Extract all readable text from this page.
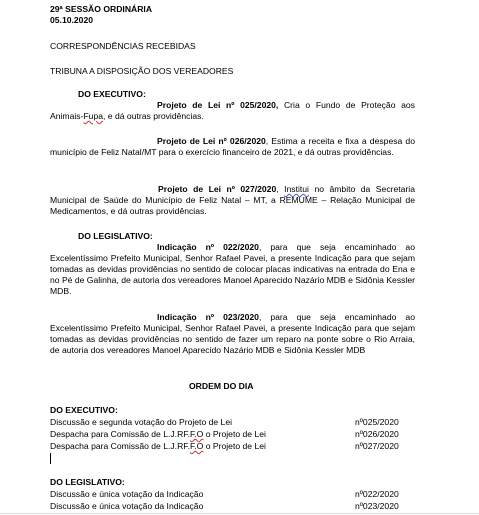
29ª SESSÃO ORDINÁRIA
05.10.2020
CORRESPONDÊNCIAS RECEBIDAS
TRIBUNA A DISPOSIÇÃO DOS VEREADORES
DO EXECUTIVO:

Projeto de Lei nº 025/2020, Cria o Fundo de Proteção aos Animais-Fupa, e dá outras providências.

Projeto de Lei nº 026/2020, Estima a receita e fixa a despesa do município de Feliz Natal/MT para o exercício financeiro de 2021, e dá outras providências.

Projeto de Lei nº 027/2020, Institui no âmbito da Secretaria Municipal de Saúde do Município de Feliz Natal – MT, a REMUME – Relação Municipal de Medicamentos, e dá outras providências.

DO LEGISLATIVO:

Indicação nº 022/2020, para que seja encaminhado ao Excelentíssimo Prefeito Municipal, Senhor Rafael Pavei, a presente Indicação para que sejam tomadas as devidas providências no sentido de colocar placas indicativas na entrada do Ena e no Pé de Galinha, de autoria dos vereadores Manoel Aparecido Nazário MDB e Sidônia Kessler MDB.

Indicação nº 023/2020, para que seja encaminhado ao Excelentíssimo Prefeito Municipal, Senhor Rafael Pavei, a presente Indicação para que sejam tomadas as devidas providências no sentido de fazer um reparo na ponte sobre o Rio Arraia, de autoria dos vereadores Manoel Aparecido Nazário MDB e Sidônia Kessler MDB

ORDEM DO DIA
DO EXECUTIVO:
Discussão e segunda votação do Projeto de Lei	nº025/2020
Despacha para Comissão de L.J.RF.F.O o Projeto de Lei	nº026/2020
Despacha para Comissão de L.J.RF.F.O o Projeto de Lei	nº027/2020
DO LEGISLATIVO:
Discussão e única votação da Indicação	nº022/2020
Discussão e única votação da Indicação	nº023/2020
